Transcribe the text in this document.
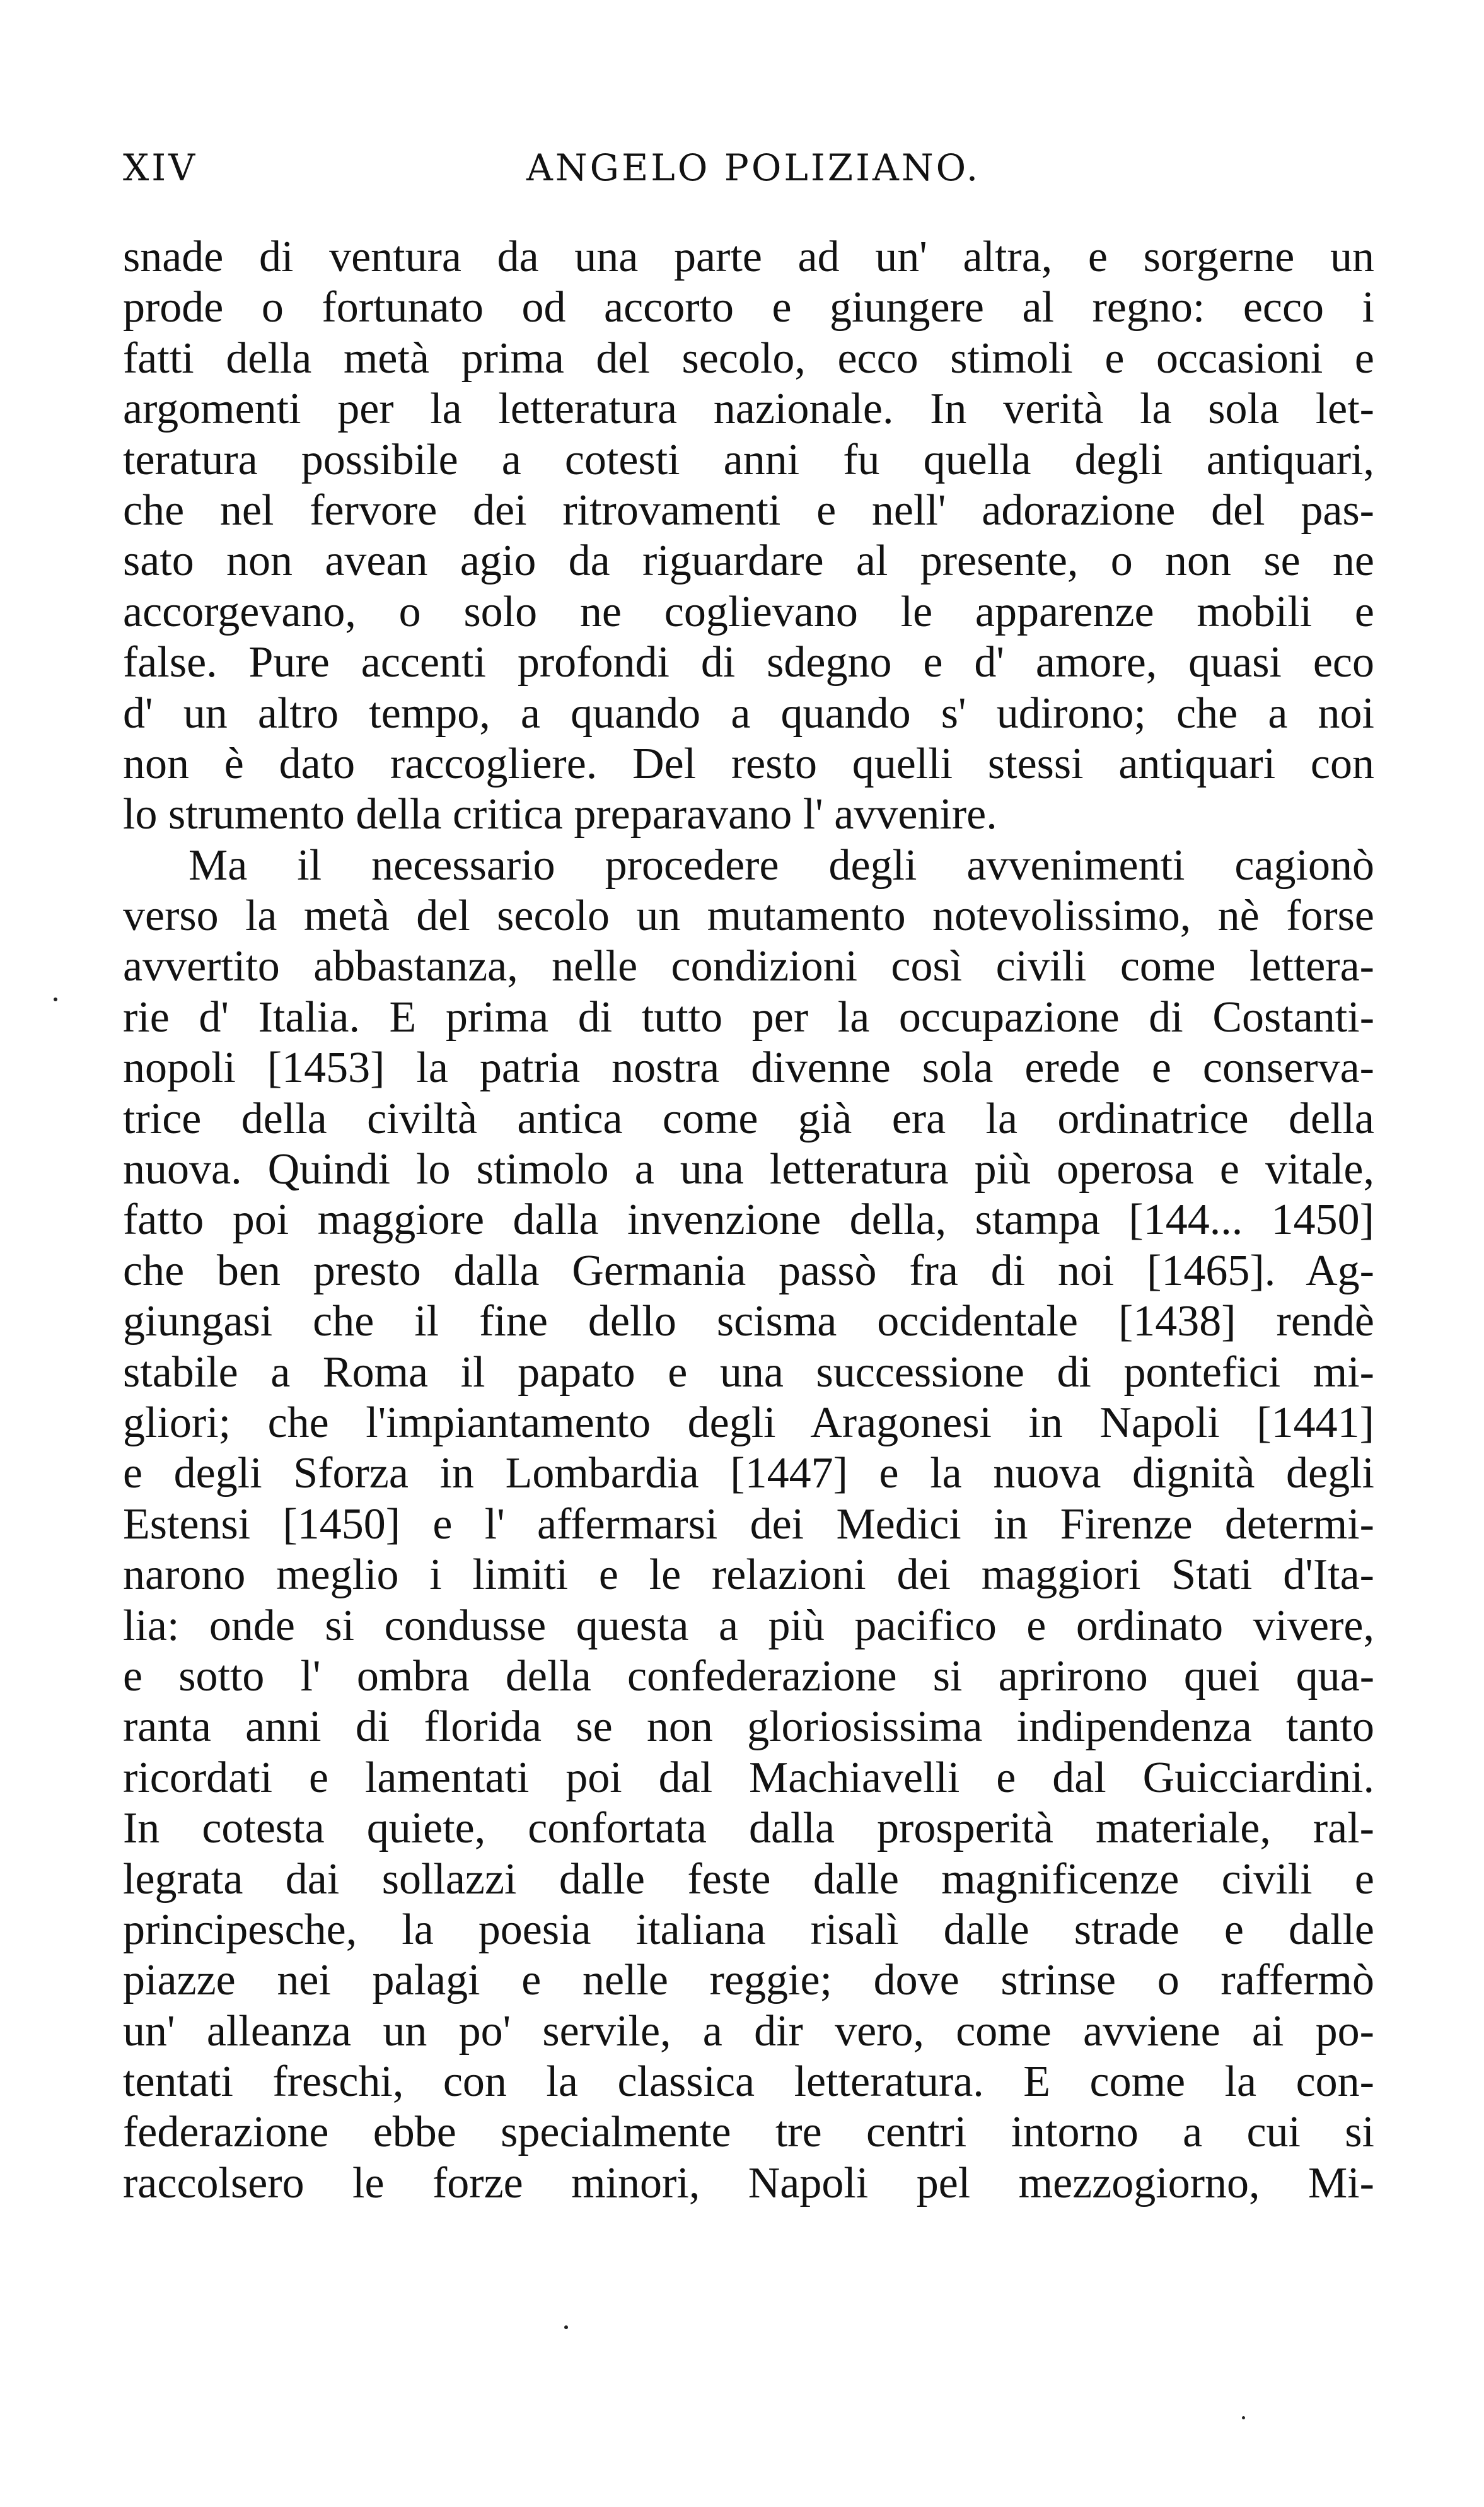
XIV	ANGELO POLIZIANO.
snade di ventura da una parte ad un' altra, e sorgerne un
prode o fortunato od accorto e giungere al regno: ecco i
fatti della metà prima del secolo, ecco stimoli e occasioni e
argomenti per la letteratura nazionale. In verità la sola let-
teratura possibile a cotesti anni fu quella degli antiquari,
che nel fervore dei ritrovamenti e nell' adorazione del pas-
sato non avean agio da riguardare al presente, o non se ne
accorgevano, o solo ne coglievano le apparenze mobili e
false. Pure accenti profondi di sdegno e d' amore, quasi eco
d' un altro tempo, a quando a quando s' udirono; che a noi
non è dato raccogliere. Del resto quelli stessi antiquari con
lo strumento della critica preparavano l' avvenire.
Ma il necessario procedere degli avvenimenti cagionò
verso la metà del secolo un mutamento notevolissimo, nè forse
avvertito abbastanza, nelle condizioni così civili come lettera-
rie d' Italia. E prima di tutto per la occupazione di Costanti-
nopoli [1453] la patria nostra divenne sola erede e conserva-
trice della civiltà antica come già era la ordinatrice della
nuova. Quindi lo stimolo a una letteratura più operosa e vitale,
fatto poi maggiore dalla invenzione della, stampa [144... 1450]
che ben presto dalla Germania passò fra di noi [1465]. Ag-
giungasi che il fine dello scisma occidentale [1438] rendè
stabile a Roma il papato e una successione di pontefici mi-
gliori; che l'impiantamento degli Aragonesi in Napoli [1441]
e degli Sforza in Lombardia [1447] e la nuova dignità degli
Estensi [1450] e l' affermarsi dei Medici in Firenze determi-
narono meglio i limiti e le relazioni dei maggiori Stati d'Ita-
lia: onde si condusse questa a più pacifico e ordinato vivere,
e sotto l' ombra della confederazione si aprirono quei qua-
ranta anni di florida se non gloriosissima indipendenza tanto
ricordati e lamentati poi dal Machiavelli e dal Guicciardini.
In cotesta quiete, confortata dalla prosperità materiale, ral-
legrata dai sollazzi dalle feste dalle magnificenze civili e
principesche, la poesia italiana risalì dalle strade e dalle
piazze nei palagi e nelle reggie; dove strinse o raffermò
un' alleanza un po' servile, a dir vero, come avviene ai po-
tentati freschi, con la classica letteratura. E come la con-
federazione ebbe specialmente tre centri intorno a cui si
raccolsero le forze minori, Napoli pel mezzogiorno, Mi-
